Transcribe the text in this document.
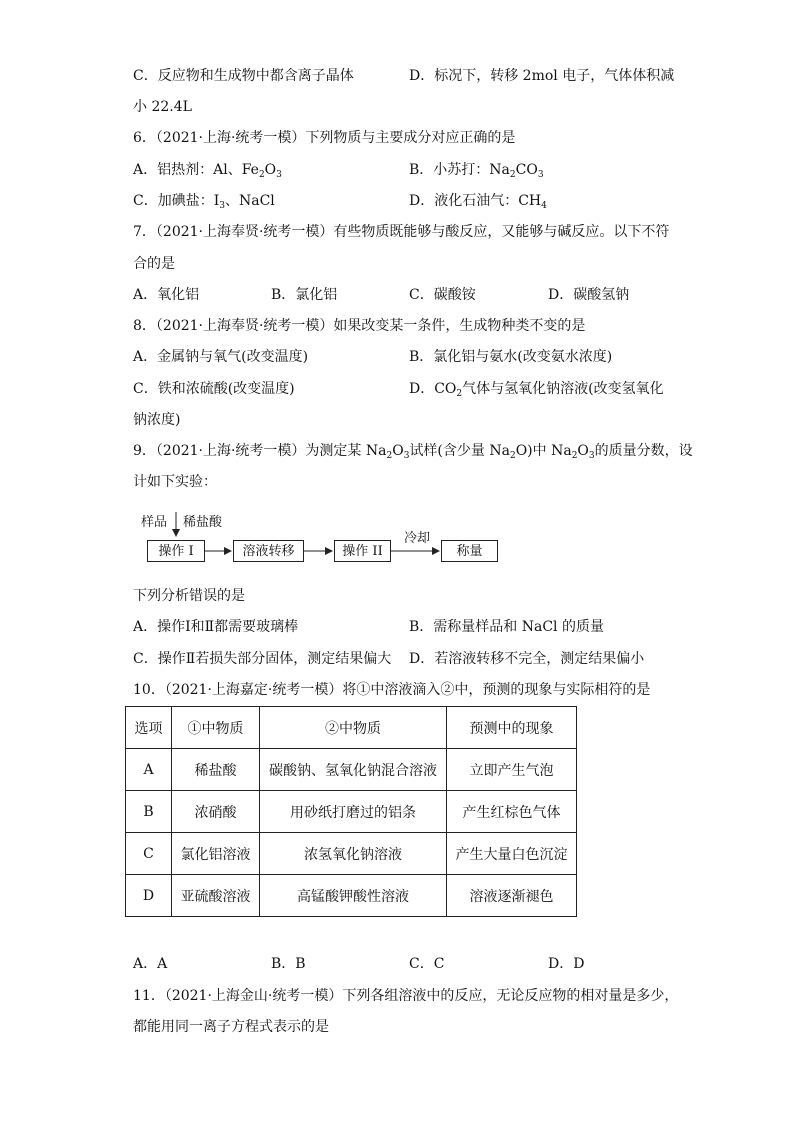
C．反应物和生成物中都含离子晶体	D．标况下，转移 2mol 电子，气体体积减
小 22.4L
6．（2021·上海·统考一模）下列物质与主要成分对应正确的是
A．铝热剂：Al、$Fe_2O_3$	B．小苏打：$Na_2CO_3$
C．加碘盐：$I_3$、NaCl	D．液化石油气：$CH_4$
7．（2021·上海奉贤·统考一模）有些物质既能够与酸反应，又能够与碱反应。以下不符
合的是
A．氧化铝	B．氯化铝	C．碳酸铵	D．碳酸氢钠
8．（2021·上海奉贤·统考一模）如果改变某一条件，生成物种类不变的是
A．金属钠与氧气(改变温度)	B．氯化铝与氨水(改变氨水浓度)
C．铁和浓硫酸(改变温度)	D．$CO_2$气体与氢氧化钠溶液(改变氢氧化
钠浓度)
9．（2021·上海·统考一模）为测定某 $Na_2O_3$试样(含少量 $Na_2O$)中 $Na_2O_3$的质量分数，设
计如下实验：
样品 稀盐酸
操作 I	溶液转移	操作 II
冷却
称量
下列分析错误的是
A．操作Ⅰ和Ⅱ都需要玻璃棒	B．需称量样品和 NaCl 的质量
C．操作Ⅱ若损失部分固体，测定结果偏大 D．若溶液转移不完全，测定结果偏小
10．（2021·上海嘉定·统考一模）将①中溶液滴入②中，预测的现象与实际相符的是
选项	①中物质	②中物质	预测中的现象
A	稀盐酸	碳酸钠、氢氧化钠混合溶液	立即产生气泡
B	浓硝酸	用砂纸打磨过的铝条	产生红棕色气体
C	氯化铝溶液	浓氢氧化钠溶液	产生大量白色沉淀
D	亚硫酸溶液	高锰酸钾酸性溶液	溶液逐渐褪色
A．A	B．B	C．C	D．D
11．（2021·上海金山·统考一模）下列各组溶液中的反应，无论反应物的相对量是多少，
都能用同一离子方程式表示的是
